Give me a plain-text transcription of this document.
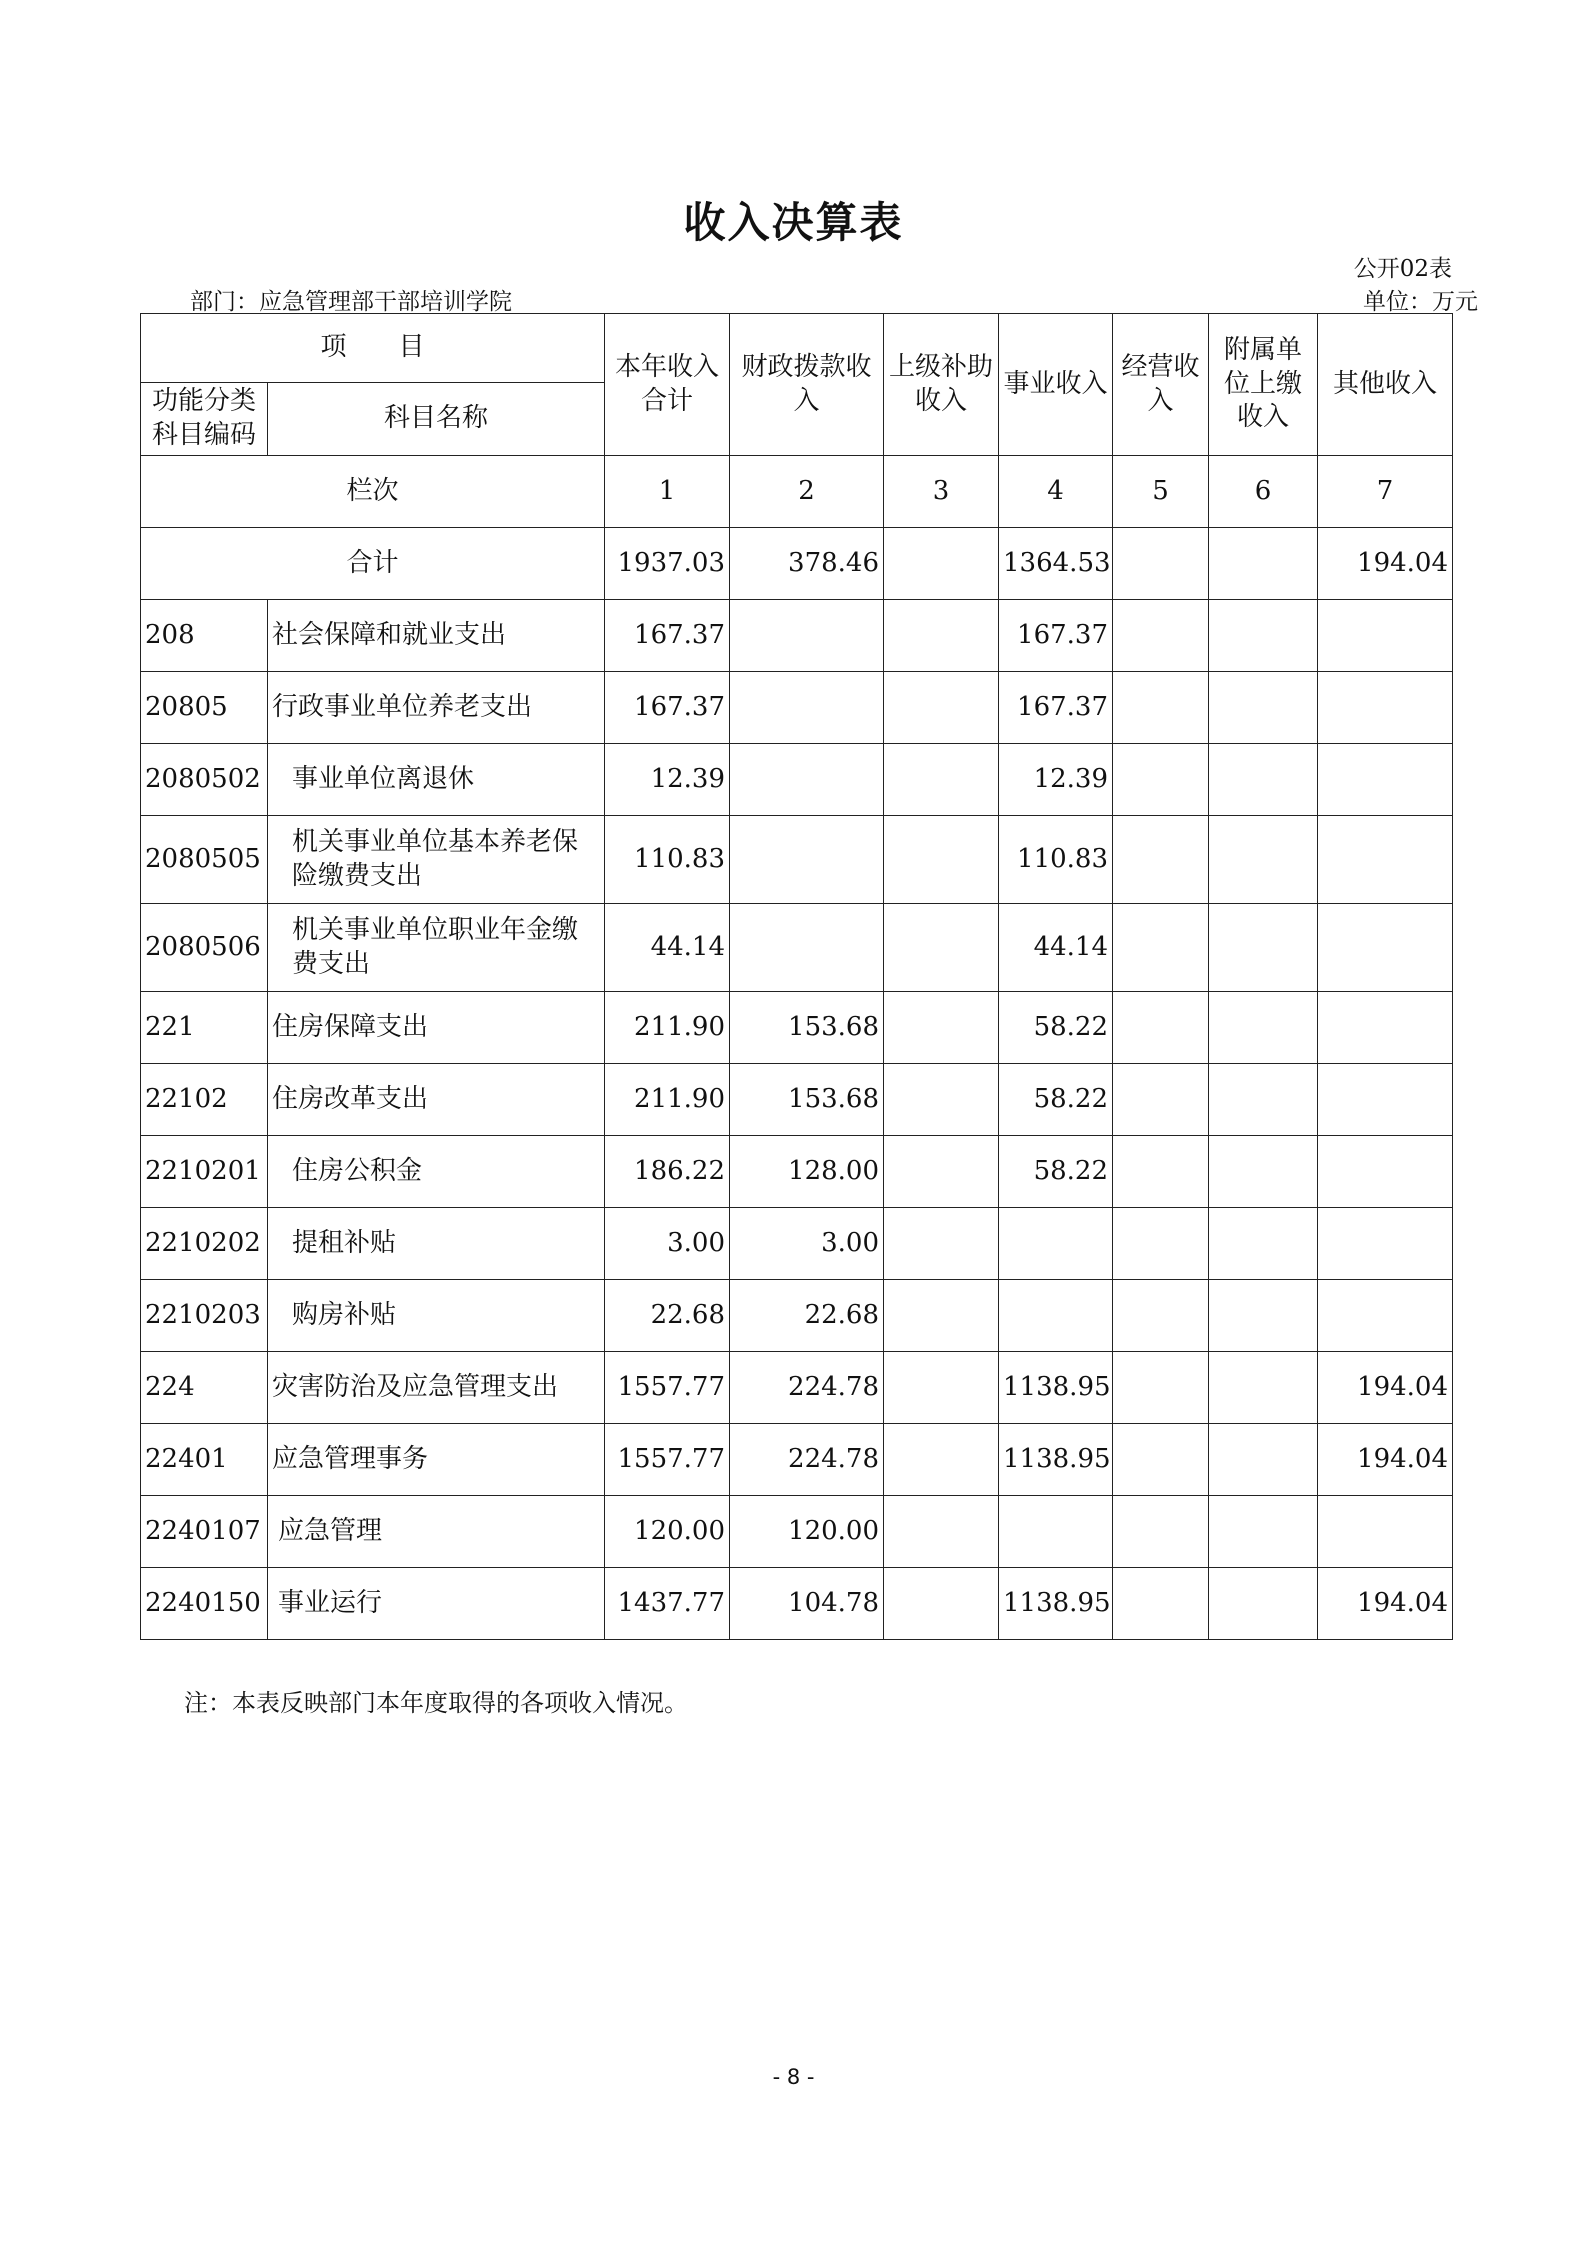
收入决算表
公开02表
部门：应急管理部干部培训学院	单位：万元
项　　目		本年收入合计	财政拨款收入	上级补助收入	事业收入	经营收入	附属单位上缴收入	其他收入
功能分类科目编码	科目名称							
栏次		1	2	3	4	5	6	7
合计		1937.03	378.46		1364.53			194.04
208	社会保障和就业支出	167.37			167.37			
20805	行政事业单位养老支出	167.37			167.37			
2080502	事业单位离退休	12.39			12.39			
2080505	机关事业单位基本养老保险缴费支出	110.83			110.83			
2080506	机关事业单位职业年金缴费支出	44.14			44.14			
221	住房保障支出	211.90	153.68		58.22			
22102	住房改革支出	211.90	153.68		58.22			
2210201	住房公积金	186.22	128.00		58.22			
2210202	提租补贴	3.00	3.00					
2210203	购房补贴	22.68	22.68					
224	灾害防治及应急管理支出	1557.77	224.78		1138.95			194.04
22401	应急管理事务	1557.77	224.78		1138.95			194.04
2240107	应急管理	120.00	120.00					
2240150	事业运行	1437.77	104.78		1138.95			194.04
注：本表反映部门本年度取得的各项收入情况。
- 8 -
